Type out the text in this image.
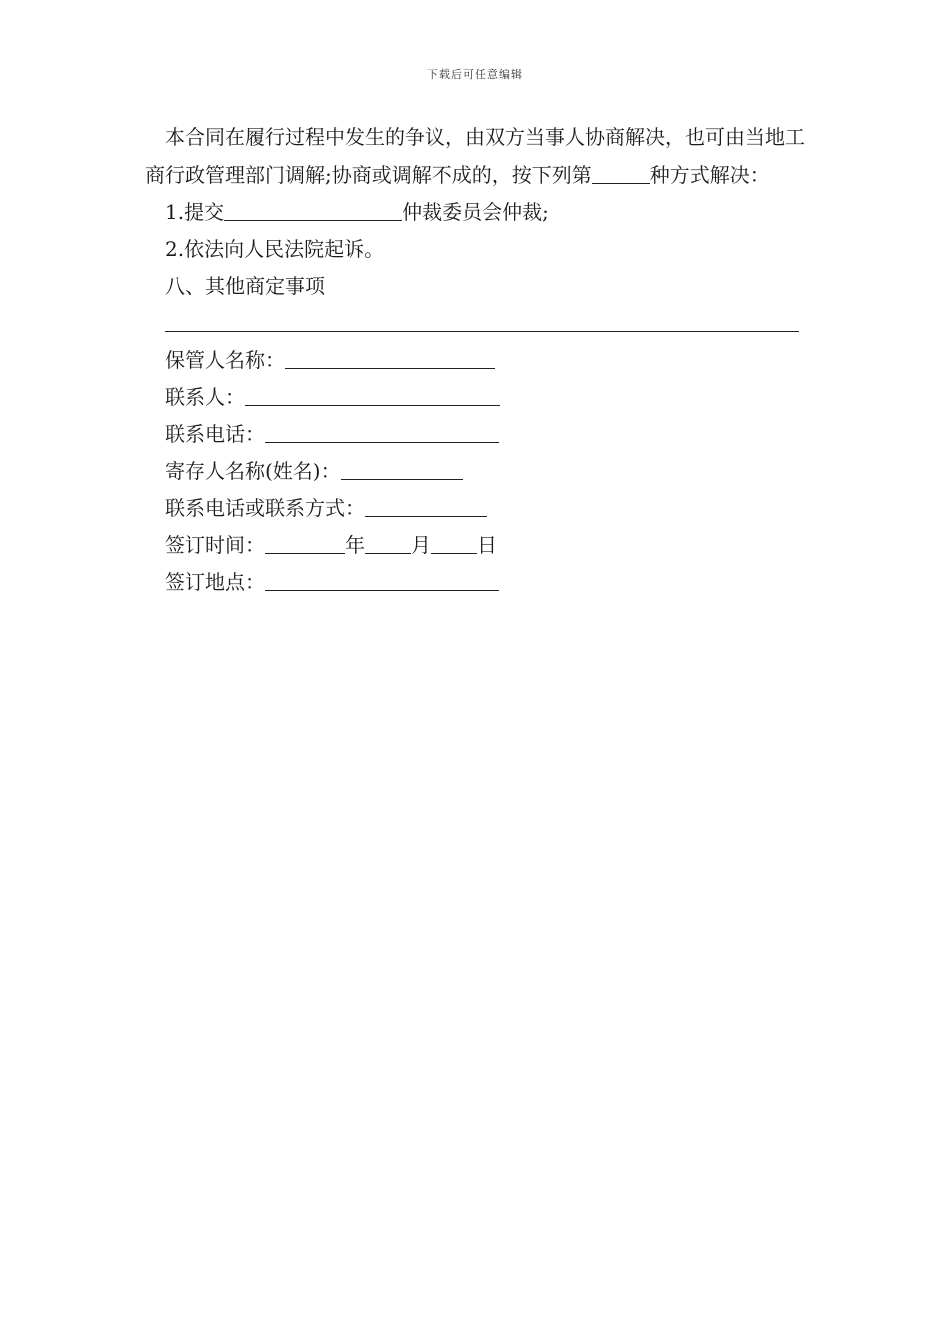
下载后可任意编辑

本合同在履行过程中发生的争议，由双方当事人协商解决，也可由当地工商行政管理部门调解;协商或调解不成的，按下列第	种方式解决：

1.提交	仲裁委员会仲裁;
2.依法向人民法院起诉。
八、其他商定事项
保管人名称：
联系人：
联系电话：
寄存人名称(姓名)：
联系电话或联系方式：
签订时间：	年 月 日
签订地点：
